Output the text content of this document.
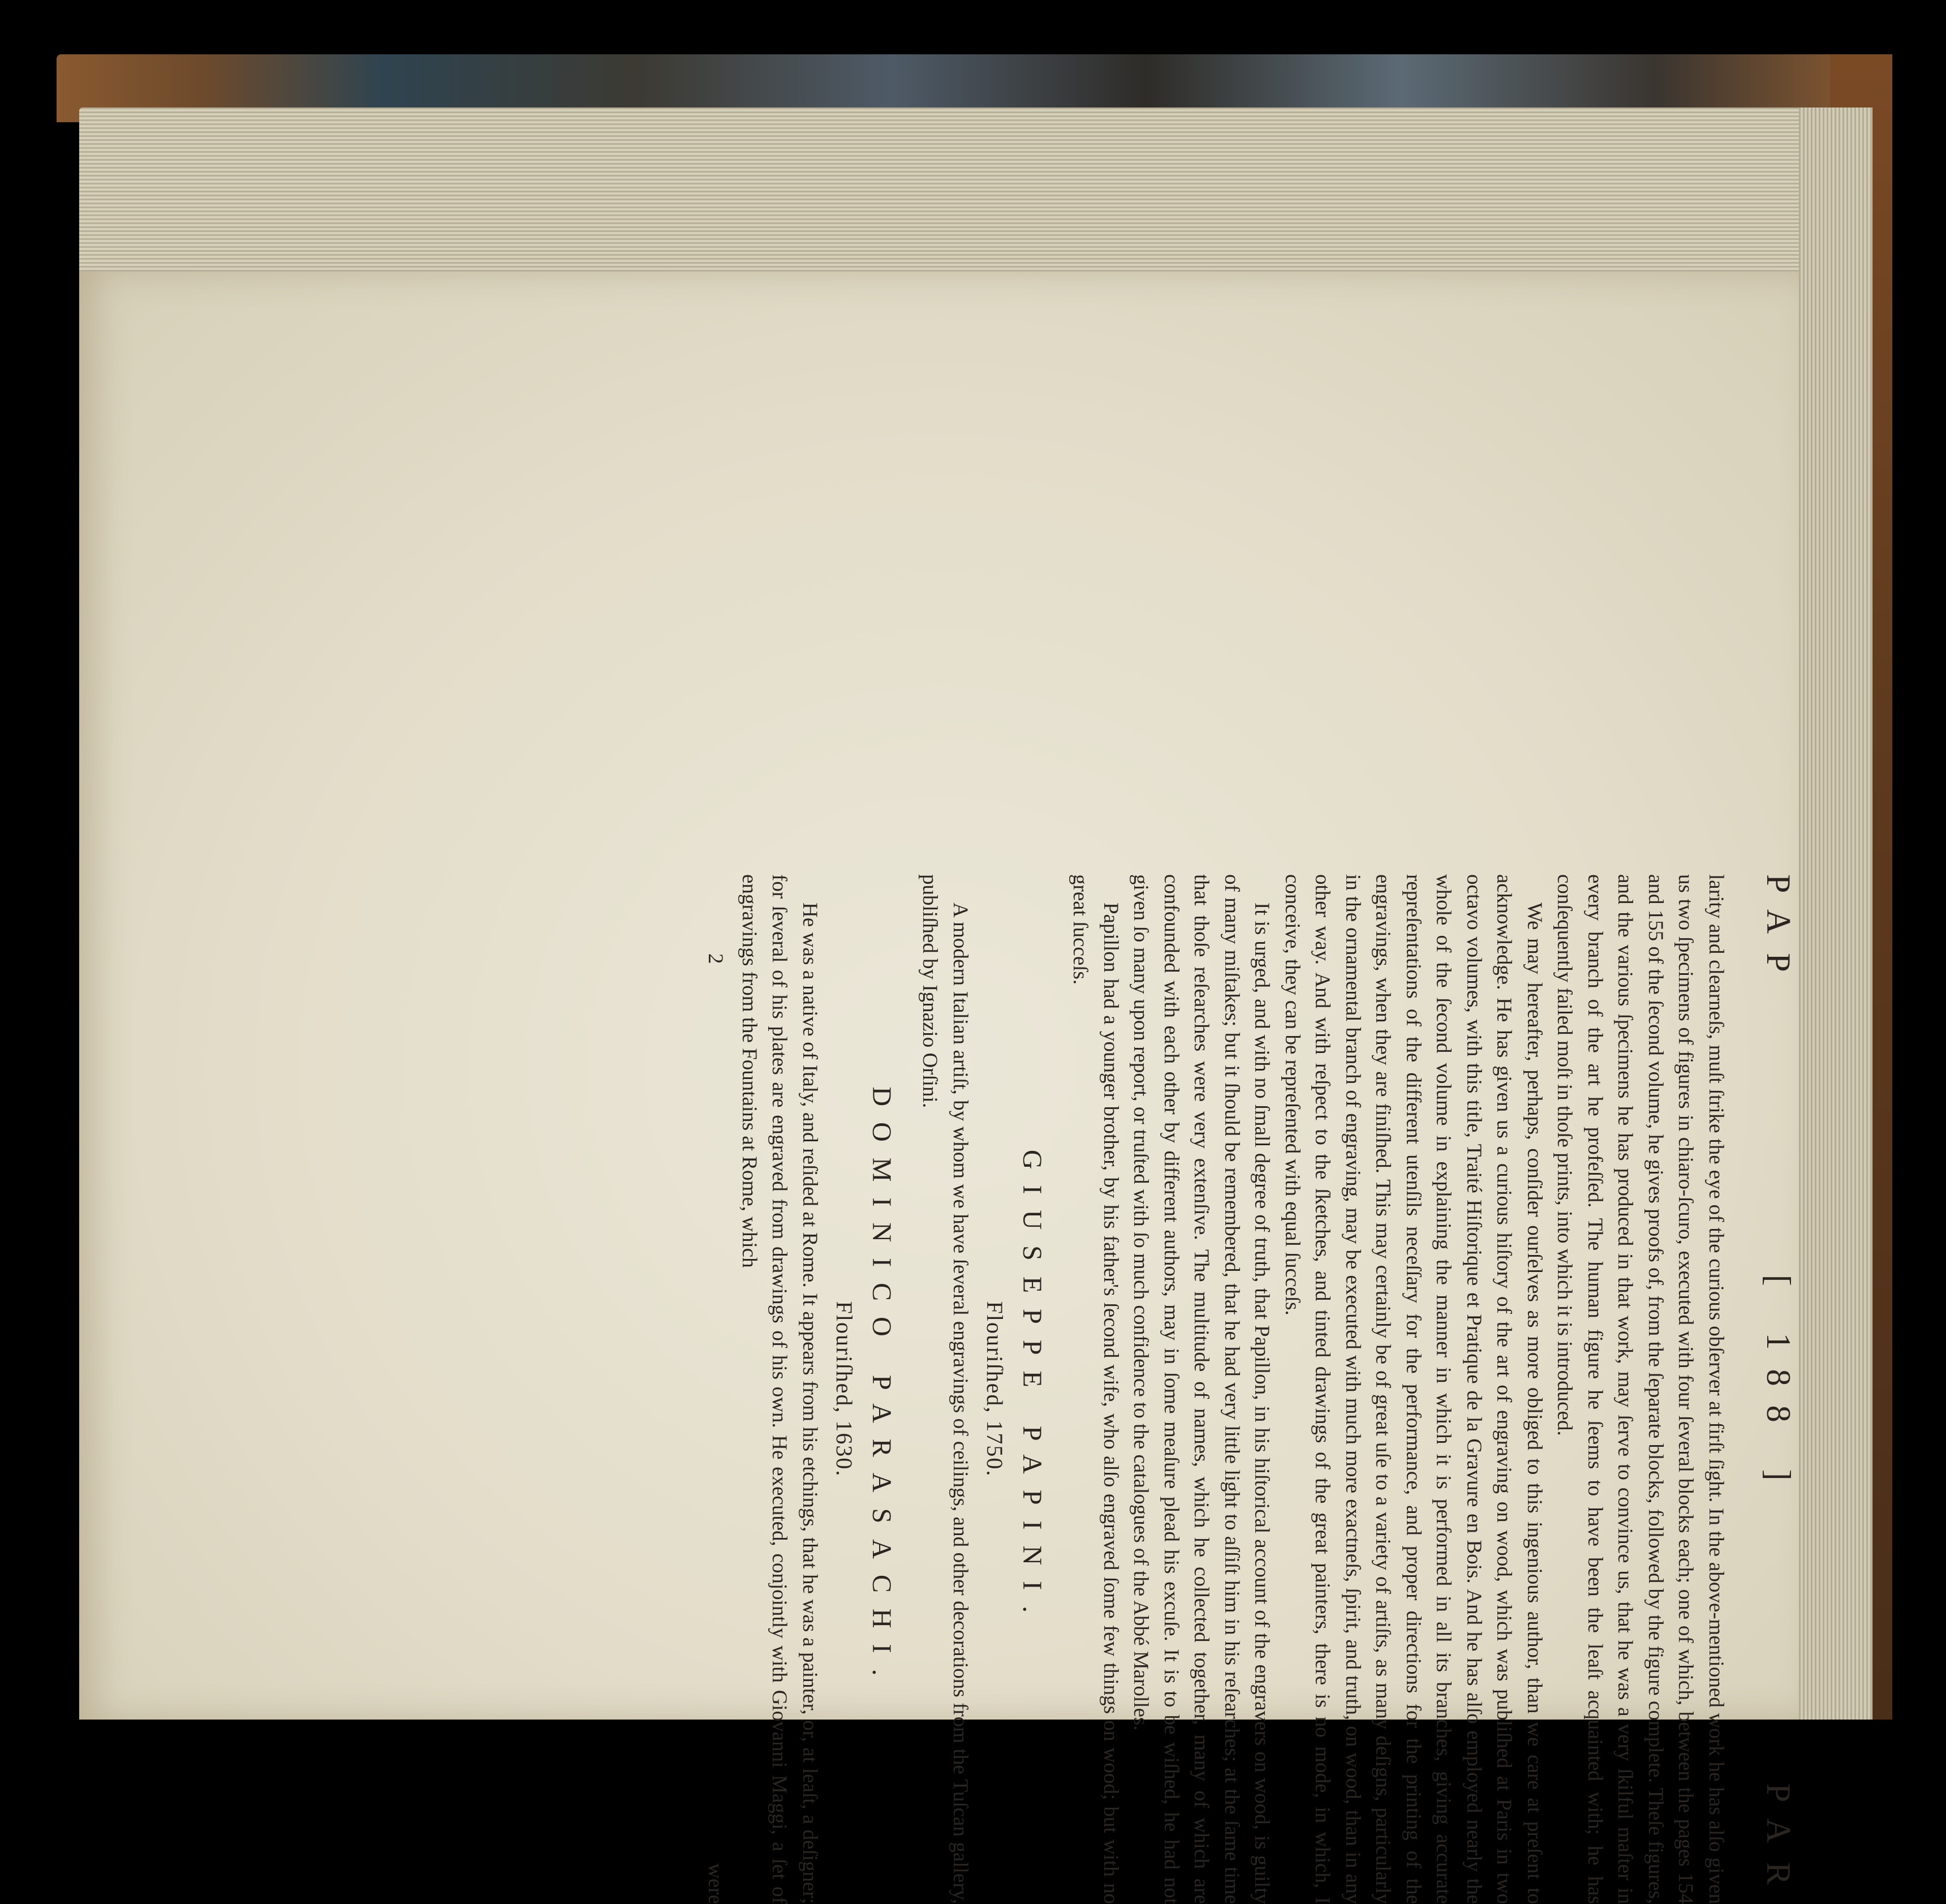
PAP
[ 188 ]
PAR

larity and clearneſs, muſt ſtrike the eye of the curious obſerver at firſt ſight. In the above-mentioned work he has alſo given us two ſpecimens of figures in chiaro-ſcuro, executed with four ſeveral blocks each; one of which, between the pages 154 and 155 of the ſecond volume, he gives proofs of, from the ſeparate blocks, followed by the figure complete. Theſe figures, and the various ſpecimens he has produced in that work, may ſerve to convince us, that he was a very ſkilful maſter in every branch of the art he profeſſed. The human figure he ſeems to have been the leaſt acquainted with; he has conſequently failed moſt in thoſe prints, into which it is introduced.

We may hereafter, perhaps, conſider ourſelves as more obliged to this ingenious author, than we care at preſent to acknowledge. He has given us a curious hiſtory of the art of engraving on wood, which was publiſhed at Paris in two octavo volumes, with this title, Traité Hiſtorique et Pratique de la Gravure en Bois. And he has alſo employed nearly the whole of the ſecond volume in explaining the manner in which it is performed in all its branches, giving accurate repreſentations of the different utenſils neceſſary for the performance, and proper directions for the printing of the engravings, when they are finiſhed. This may certainly be of great uſe to a variety of artiſts, as many deſigns, particularly in the ornamental branch of engraving, may be executed with much more exactneſs, ſpirit, and truth, on wood, than in any other way. And with reſpect to the ſketches, and tinted drawings of the great painters, there is no mode, in which, I conceive, they can be repreſented with equal ſucceſs.

It is urged, and with no ſmall degree of truth, that Papillon, in his hiſtorical account of the engravers on wood, is guilty of many miſtakes; but it ſhould be remembered, that he had very little light to aſſiſt him in his reſearches; at the ſame time that thoſe reſearches were very extenſive. The multitude of names, which he collected together, many of which are confounded with each other by different authors, may in ſome meaſure plead his excuſe. It is to be wiſhed, he had not given ſo many upon report, or truſted with ſo much confidence to the catalogues of the Abbé Marolles.

Papillon had a younger brother, by his father's ſecond wife, who alſo engraved ſome few things on wood; but with no great ſucceſs.

GIUSEPPE PAPINI.
Flouriſhed, 1750.

A modern Italian artiſt, by whom we have ſeveral engravings of ceilings, and other decorations from the Tuſcan gallery, publiſhed by Ignazio Orſini.

DOMINICO PARASACHI.
Flouriſhed, 1630.

He was a native of Italy, and reſided at Rome. It appears from his etchings, that he was a painter, or, at leaſt, a deſigner; for ſeveral of his plates are engraved from drawings of his own. He executed, conjointly with Giovanni Maggi, a ſet of engravings from the Fountains at Rome, which

2
were
